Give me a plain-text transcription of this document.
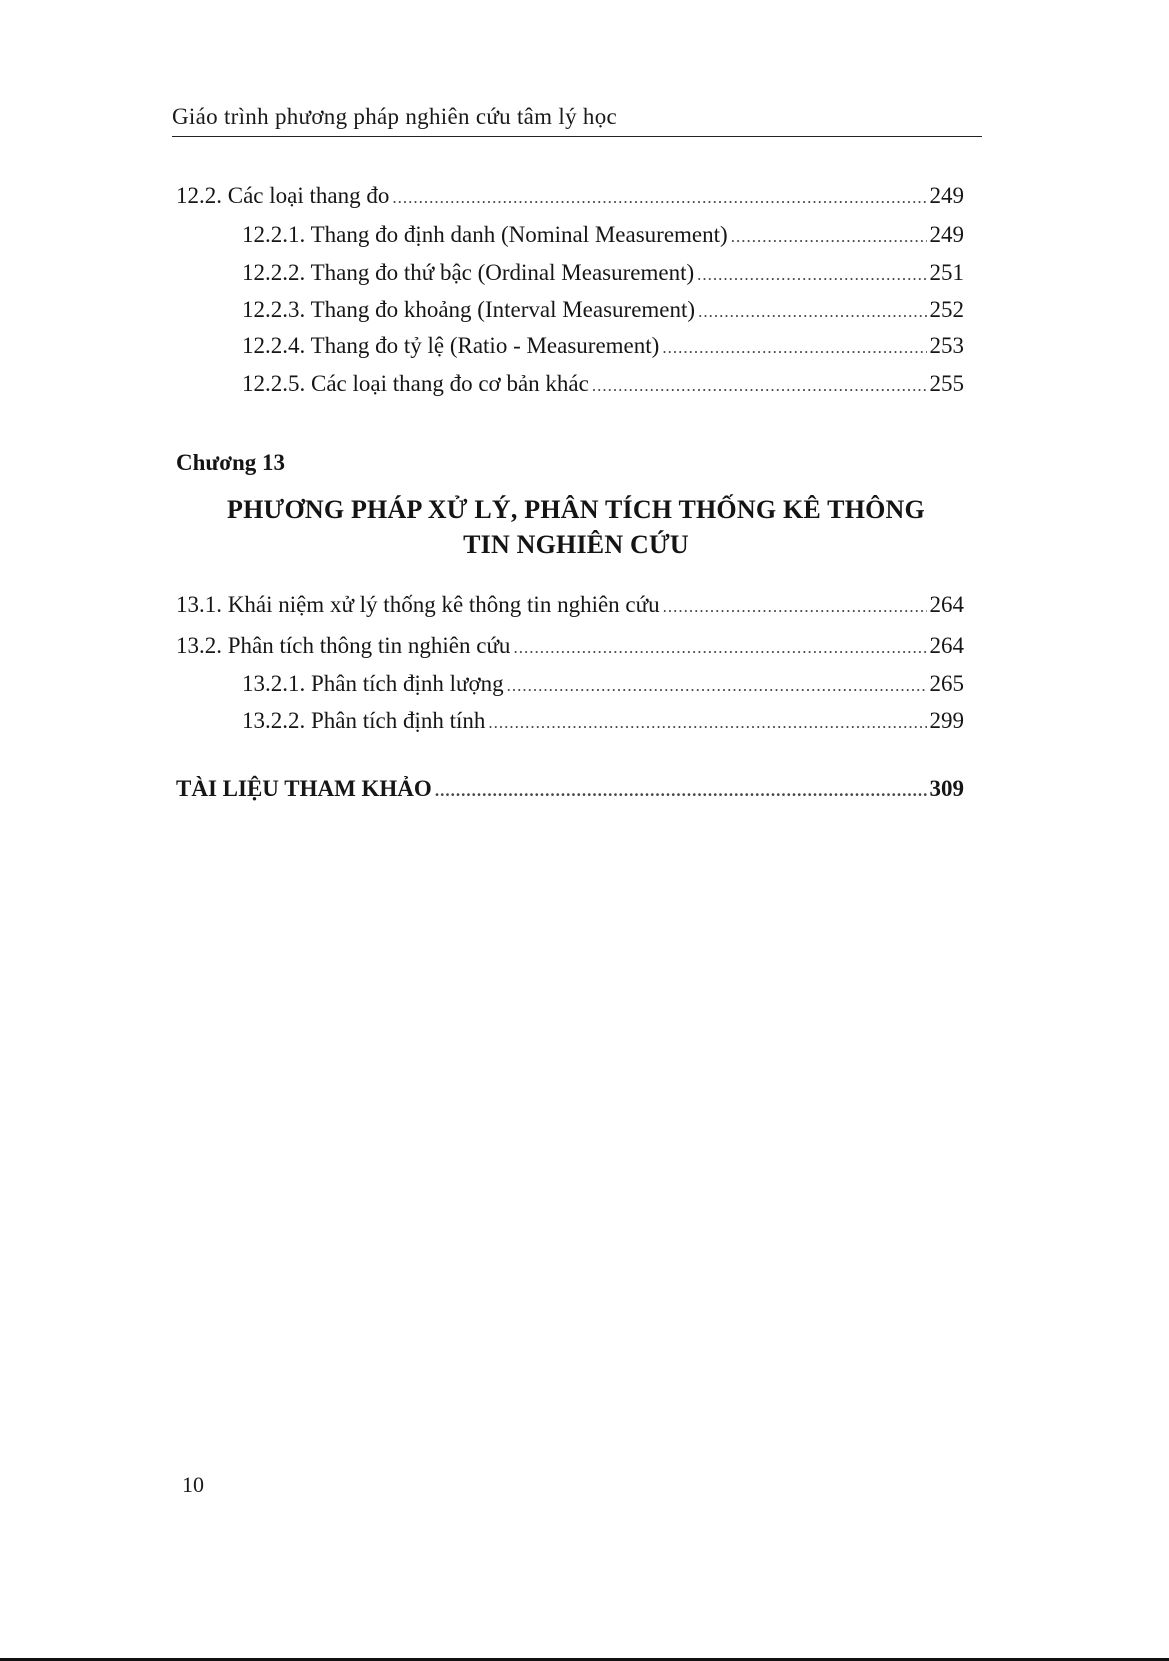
Giáo trình phương pháp nghiên cứu tâm lý học
12.2. Các loại thang đo .....	249
12.2.1. Thang đo định danh (Nominal Measurement) .....	249
12.2.2. Thang đo thứ bậc (Ordinal Measurement) .....	251
12.2.3. Thang đo khoảng (Interval Measurement) .....	252
12.2.4. Thang đo tỷ lệ (Ratio - Measurement) .....	253
12.2.5. Các loại thang đo cơ bản khác .....	255
Chương 13
PHƯƠNG PHÁP XỬ LÝ, PHÂN TÍCH THỐNG KÊ THÔNG
TIN NGHIÊN CỨU
13.1. Khái niệm xử lý thống kê thông tin nghiên cứu .....	264
13.2. Phân tích thông tin nghiên cứu .....	264
13.2.1. Phân tích định lượng .....	265
13.2.2. Phân tích định tính .....	299
TÀI LIỆU THAM KHẢO .....	309
10
